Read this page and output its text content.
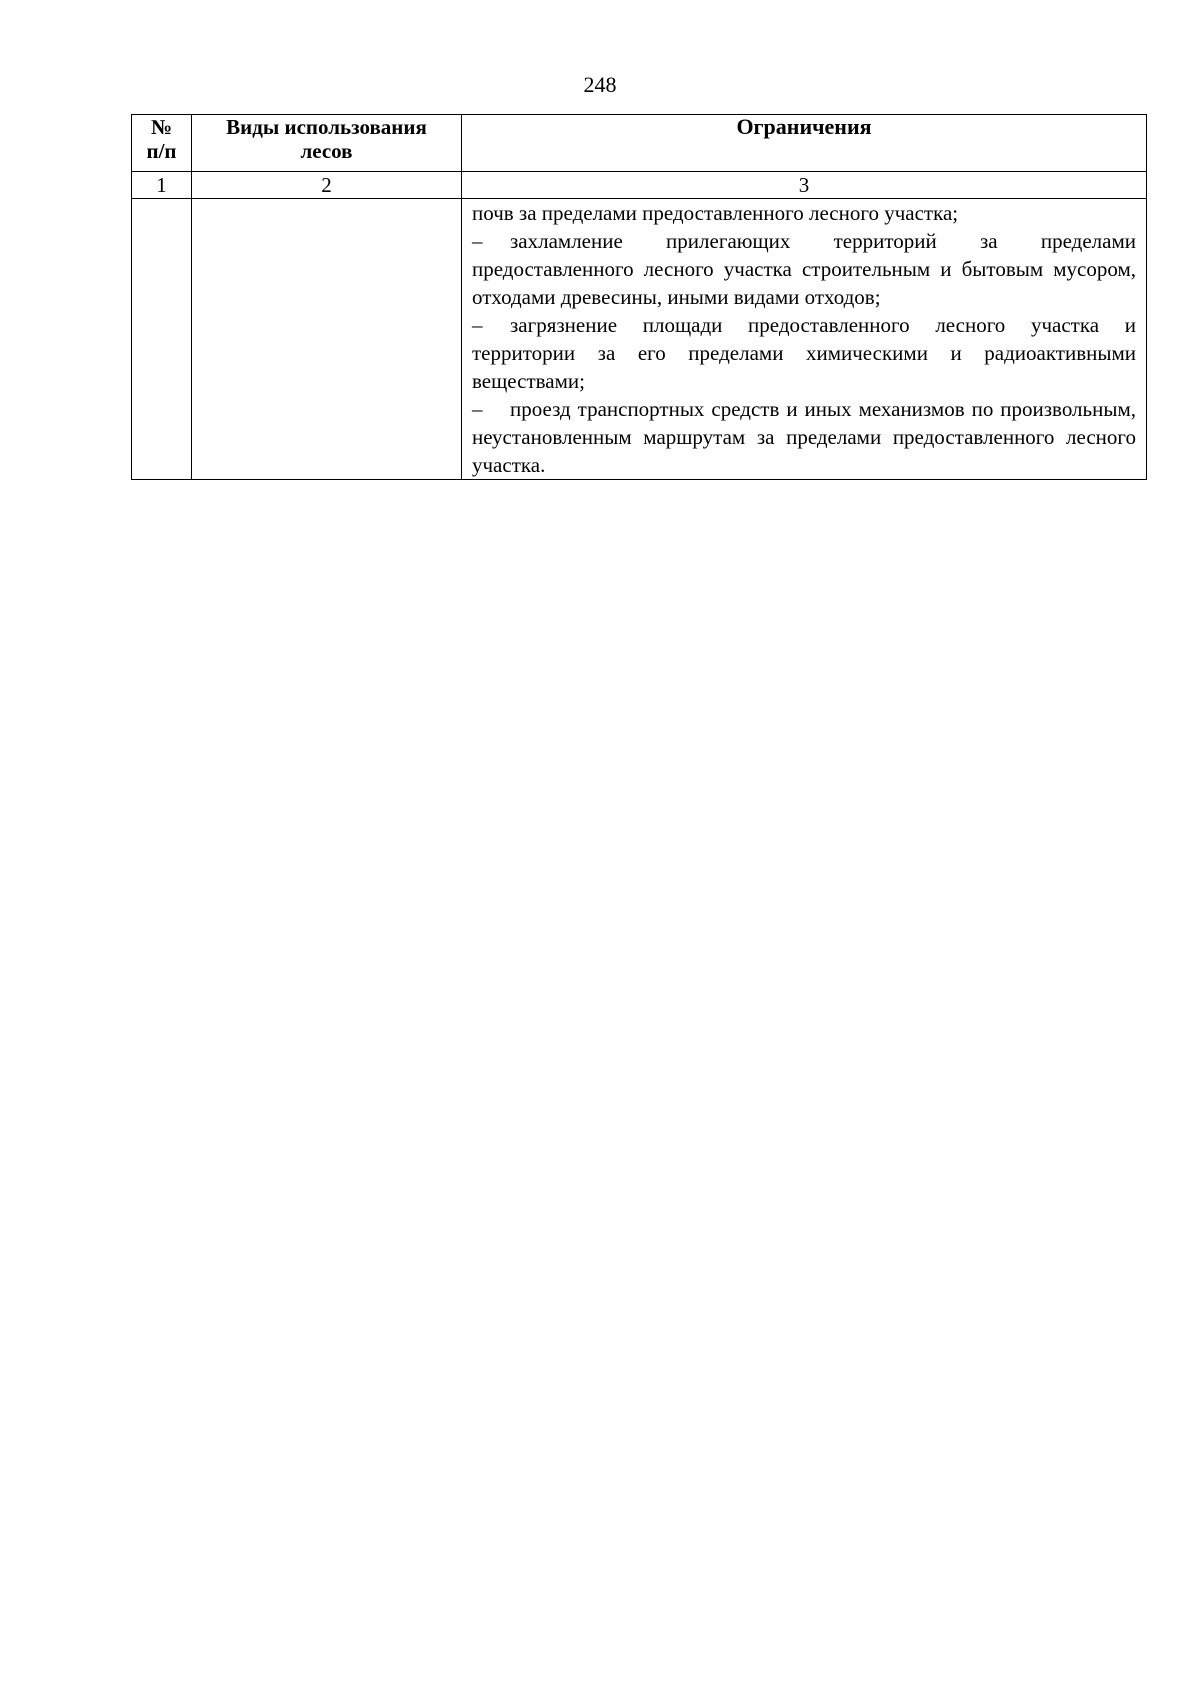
248
№ п/п	Виды использования лесов	Ограничения
1	2	3

		почв за пределами предоставленного лесного участка;

– захламление прилегающих территорий за пределами предоставленного лесного участка строительным и бытовым мусором, отходами древесины, иными видами отходов;

– загрязнение площади предоставленного лесного участка и территории за его пределами химическими и радиоактивными веществами;

– проезд транспортных средств и иных механизмов по произвольным, неустановленным маршрутам за пределами предоставленного лесного участка.
